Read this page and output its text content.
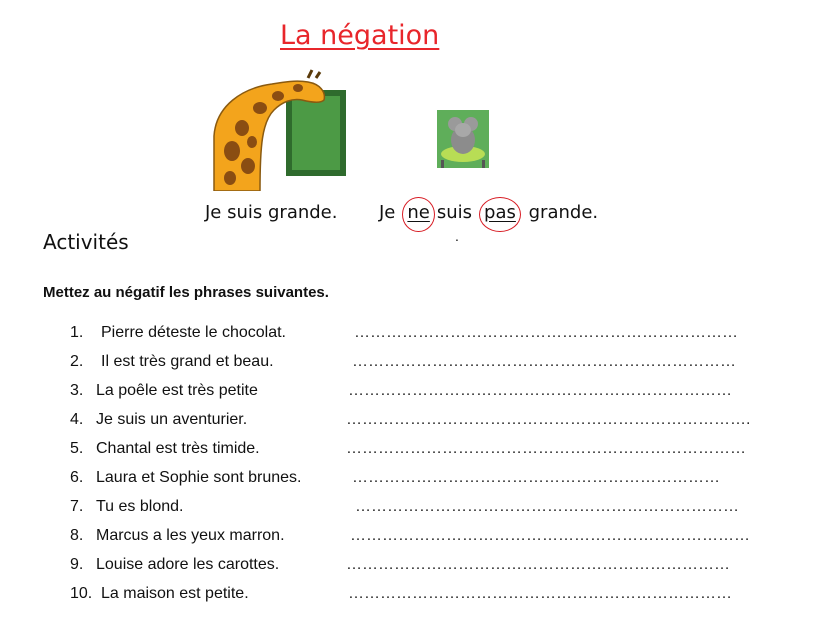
La négation
Je suis grande. Je ne suis pas grande.
.
Activités

Mettez au négatif les phrases suivantes.

1. Pierre déteste le chocolat.	………………………………………………………………
2. Il est très grand et beau.	………………………………………………………………
3. La poêle est très petite	………………………………………………………………
4. Je suis un aventurier.	………………………………………………………………….
5. Chantal est très timide.	…………………………………………………………………
6. Laura et Sophie sont brunes.	……………………………………………………………
7. Tu es blond.	………………………………………………………………
8. Marcus a les yeux marron.	…………………………………………………………………
9. Louise adore les carottes.	………………………………………………………………
10. La maison est petite.	………………………………………………………………
